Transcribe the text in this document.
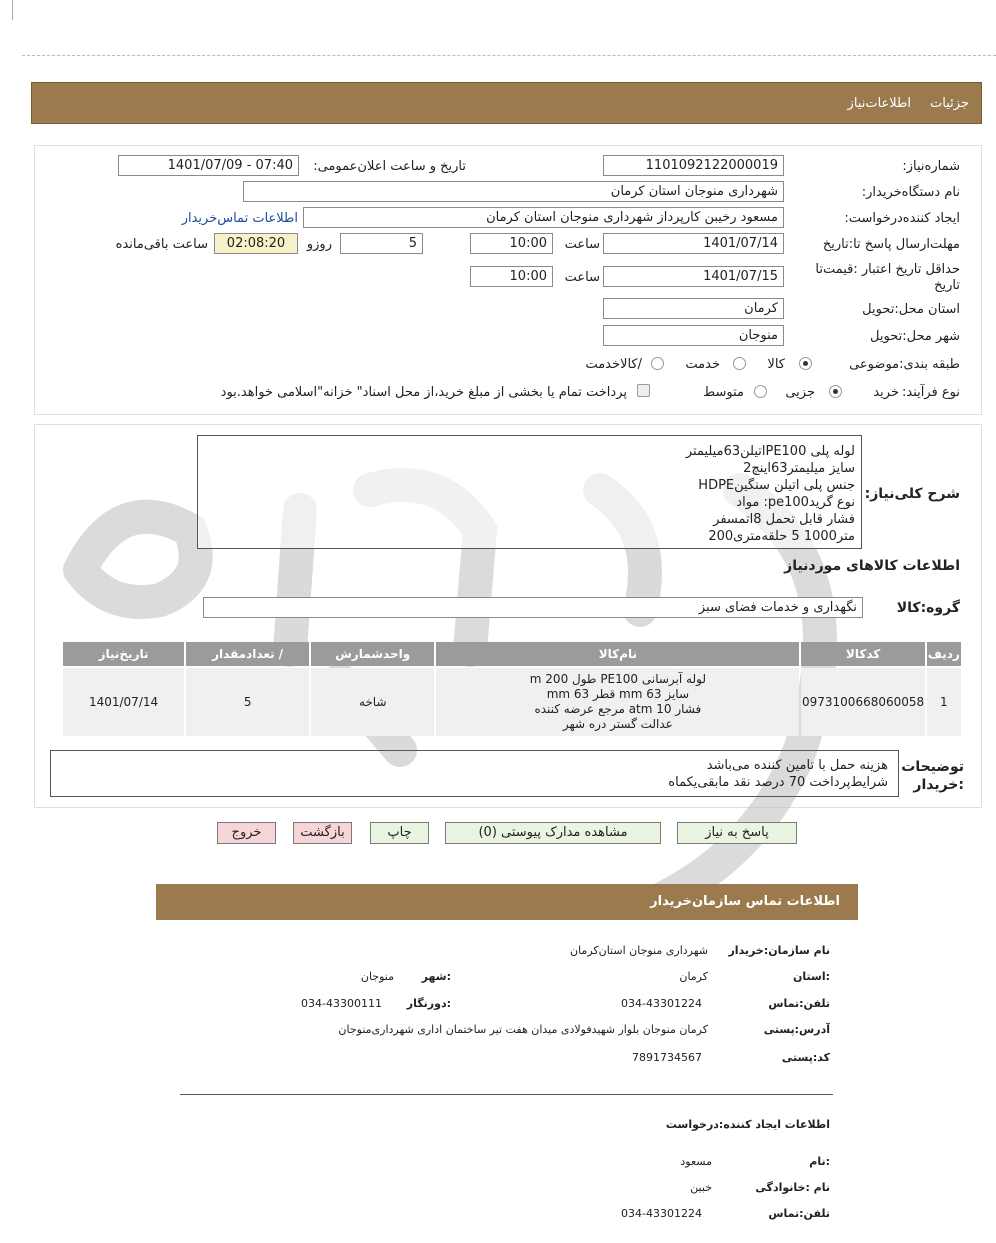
جزئیات
اطلاعات‌نیاز
شماره‌نیاز:
1101092122000019
تاریخ و ساعت اعلان‌عمومی:
1401/07/09 - 07:40
نام دستگاه‌خریدار:
شهرداری منوجان استان کرمان
ایجاد کننده‌درخواست:
مسعود رخیبن کارپرداز شهرداری منوجان استان کرمان
اطلاعات تماس‌خریدار
مهلت‌ارسال پاسخ تا:تاریخ
1401/07/14
ساعت
10:00
5
روزو
02:08:20
ساعت باقی‌مانده
حداقل تاریخ اعتبار :قیمت‌تا تاریخ
1401/07/15
ساعت
10:00
استان محل:تحویل
کرمان
شهر محل:تحویل
منوجان
طبقه بندی:موضوعی
کالا
خدمت
/کالاخدمت
نوع فرآیند:
خرید
جزیی
متوسط
پرداخت تمام یا بخشی از مبلغ خرید،از محل اسناد" خزانه"اسلامی خواهد.بود
شرح کلی‌نیاز:
لوله پلی PE100اتیلن63میلیمتر
سایز میلیمتر63اینچ2
جنس پلی اتیلن سنگینHDPE
نوع گریدpe100: مواد
فشار قابل تحمل 8اتمسفر
متر1000 5 حلقه‌متری200
اطلاعات کالاهای موردنیاز
گروه:کالا
نگهداری و خدمات فضای سبز
ردیف	کدکالا	نام‌کالا	واحدشمارش	/ تعدادمقدار	تاریخ‌نیاز
1	0973100668060058	لوله آبرسانی PE100 طول 200 m
سایز 63 mm قطر 63 mm
فشار 10 atm مرجع عرضه کننده
عدالت گستر دره شهر	شاخه	5	1401/07/14
توضیحات :خریدار
هزینه حمل با تامین کننده می‌باشد
شرایط‌پرداخت 70 درصد نقد مابقی‌یکماه
پاسخ به نیاز
مشاهده مدارک پیوستی (0)
چاپ
بازگشت
خروج
اطلاعات تماس سازمان‌خریدار
نام سازمان:خریدار
شهرداری منوجان استان‌کرمان
:استان
کرمان
:شهر
منوجان
تلفن:تماس
034-43301224
:دورنگار
034-43300111
آدرس:پستی
کرمان منوجان بلوار شهیدفولادی میدان هفت تیر ساختمان اداری شهرداری‌منوجان
کد:پستی
7891734567
اطلاعات ایجاد کننده‌:درخواست
:نام
مسعود
نام :خانوادگی
خبین
تلفن:تماس
034-43301224
